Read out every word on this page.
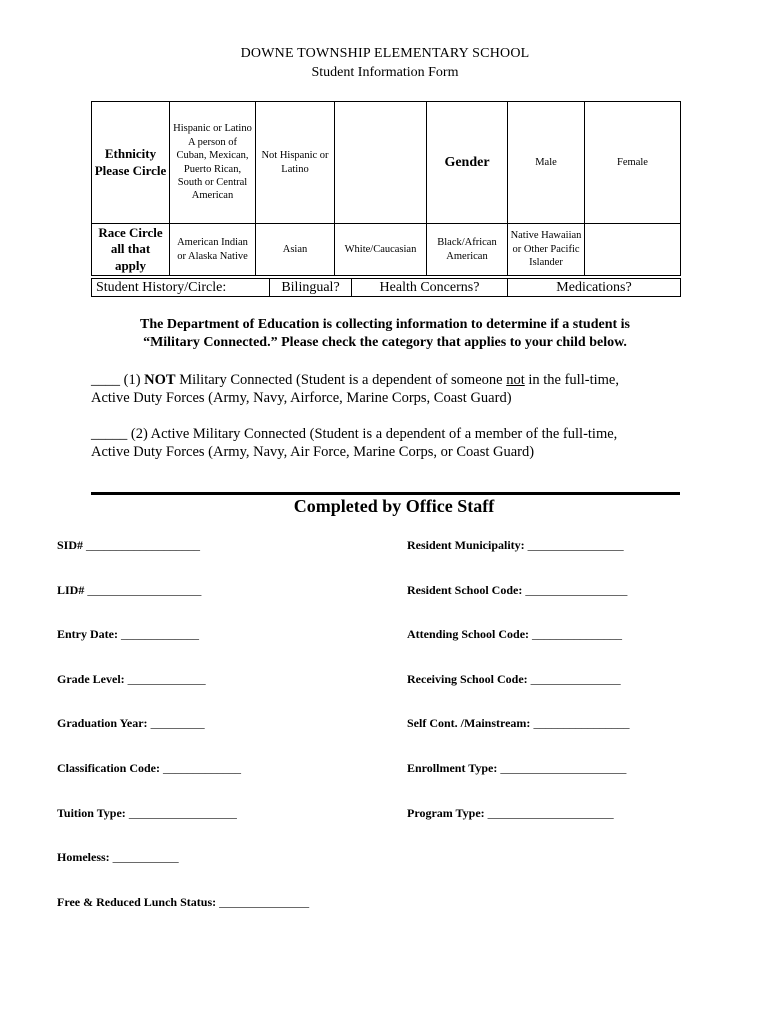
DOWNE TOWNSHIP ELEMENTARY SCHOOL
Student Information Form
Ethnicity Please Circle	Hispanic or Latino A person of Cuban, Mexican, Puerto Rican, South or Central American	Not Hispanic or Latino		Gender	Male	Female
Race Circle all that apply	American Indian or Alaska Native	Asian	White/Caucasian	Black/African American	Native Hawaiian or Other Pacific Islander	
Student History/Circle:	Bilingual?	Health Concerns?	Medications?
The Department of Education is collecting information to determine if a student is
“Military Connected.” Please check the category that applies to your child below.
____ (1) NOT Military Connected (Student is a dependent of someone not in the full-time,
Active Duty Forces (Army, Navy, Airforce, Marine Corps, Coast Guard)
_____ (2) Active Military Connected (Student is a dependent of a member of the full-time,
Active Duty Forces (Army, Navy, Air Force, Marine Corps, or Coast Guard)
Completed by Office Staff
SID# ___________________
LID# ___________________
Entry Date: _____________
Grade Level: _____________
Graduation Year: _________
Classification Code: _____________
Tuition Type: __________________
Homeless: ___________
Free & Reduced Lunch Status: _______________
Resident Municipality: ________________
Resident School Code: _________________
Attending School Code: _______________
Receiving School Code: _______________
Self Cont. /Mainstream: ________________
Enrollment Type: _____________________
Program Type: _____________________
